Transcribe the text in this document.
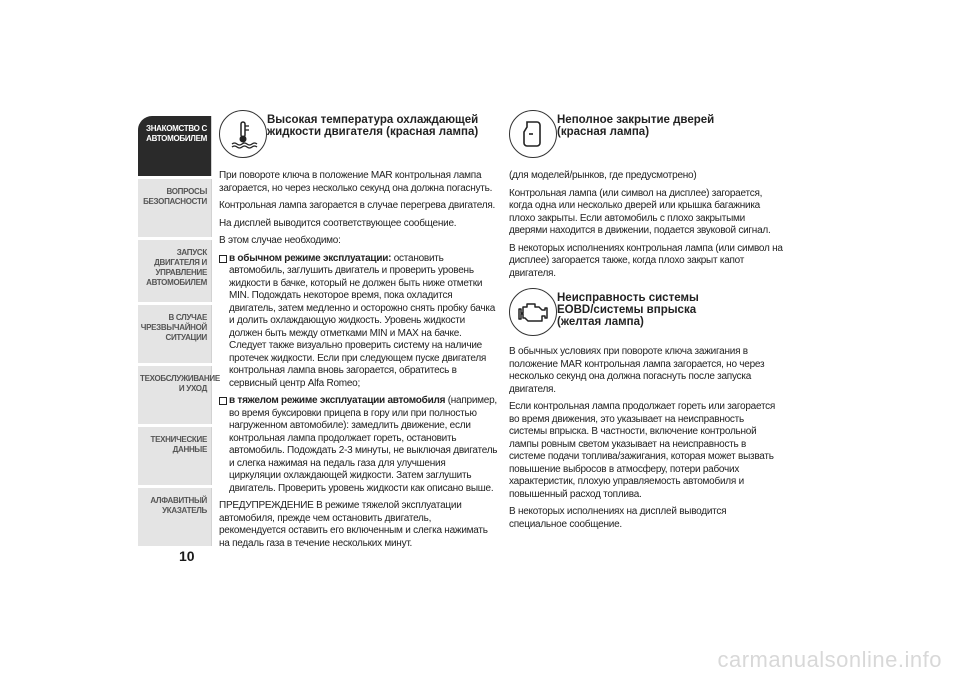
ЗНАКОМСТВО С
АВТОМОБИЛЕМ
ВОПРОСЫ
БЕЗОПАСНОСТИ
ЗАПУСК ДВИГАТЕЛЯ И
УПРАВЛЕНИЕ
АВТОМОБИЛЕМ
В СЛУЧАЕ
ЧРЕЗВЫЧАЙНОЙ
СИТУАЦИИ
ТЕХОБСЛУЖИВАНИЕ
И УХОД
ТЕХНИЧЕСКИЕ
ДАННЫЕ
АЛФАВИТНЫЙ
УКАЗАТЕЛЬ
10
Высокая температура охлаждающей
жидкости двигателя (красная лампа)

При повороте ключа в положение MAR контрольная лампа загорается, но через несколько секунд она должна погаснуть.

Контрольная лампа загорается в случае перегрева двигателя.

На дисплей выводится соответствующее сообщение.

В этом случае необходимо:

в обычном режиме эксплуатации: остановить автомобиль, заглушить двигатель и проверить уровень жидкости в бачке, который не должен быть ниже отметки MIN. Подождать некоторое время, пока охладится двигатель, затем медленно и осторожно снять пробку бачка и долить охлаждающую жидкость. Уровень жидкости должен быть между отметками MIN и MAX на бачке. Следует также визуально проверить систему на наличие протечек жидкости. Если при следующем пуске двигателя контрольная лампа вновь загорается, обратитесь в сервисный центр Alfa Romeo;

в тяжелом режиме эксплуатации автомобиля (например, во время буксировки прицепа в гору или при полностью нагруженном автомобиле): замедлить движение, если контрольная лампа продолжает гореть, остановить автомобиль. Подождать 2-3 минуты, не выключая двигатель и слегка нажимая на педаль газа для улучшения циркуляции охлаждающей жидкости. Затем заглушить двигатель. Проверить уровень жидкости как описано выше.

ПРЕДУПРЕЖДЕНИЕ В режиме тяжелой эксплуатации автомобиля, прежде чем остановить двигатель, рекомендуется оставить его включенным и слегка нажимать на педаль газа в течение нескольких минут.

Неполное закрытие дверей
(красная лампа)

(для моделей/рынков, где предусмотрено)

Контрольная лампа (или символ на дисплее) загорается, когда одна или несколько дверей или крышка багажника плохо закрыты. Если автомобиль с плохо закрытыми дверями находится в движении, подается звуковой сигнал.

В некоторых исполнениях контрольная лампа (или символ на дисплее) загорается также, когда плохо закрыт капот двигателя.

Неисправность системы
EOBD/системы впрыска
(желтая лампа)

В обычных условиях при повороте ключа зажигания в положение MAR контрольная лампа загорается, но через несколько секунд она должна погаснуть после запуска двигателя.

Если контрольная лампа продолжает гореть или загорается во время движения, это указывает на неисправность системы впрыска. В частности, включение контрольной лампы ровным светом указывает на неисправность в системе подачи топлива/зажигания, которая может вызвать повышение выбросов в атмосферу, потери рабочих характеристик, плохую управляемость автомобиля и повышенный расход топлива.

В некоторых исполнениях на дисплей выводится специальное сообщение.

carmanualsonline.info
